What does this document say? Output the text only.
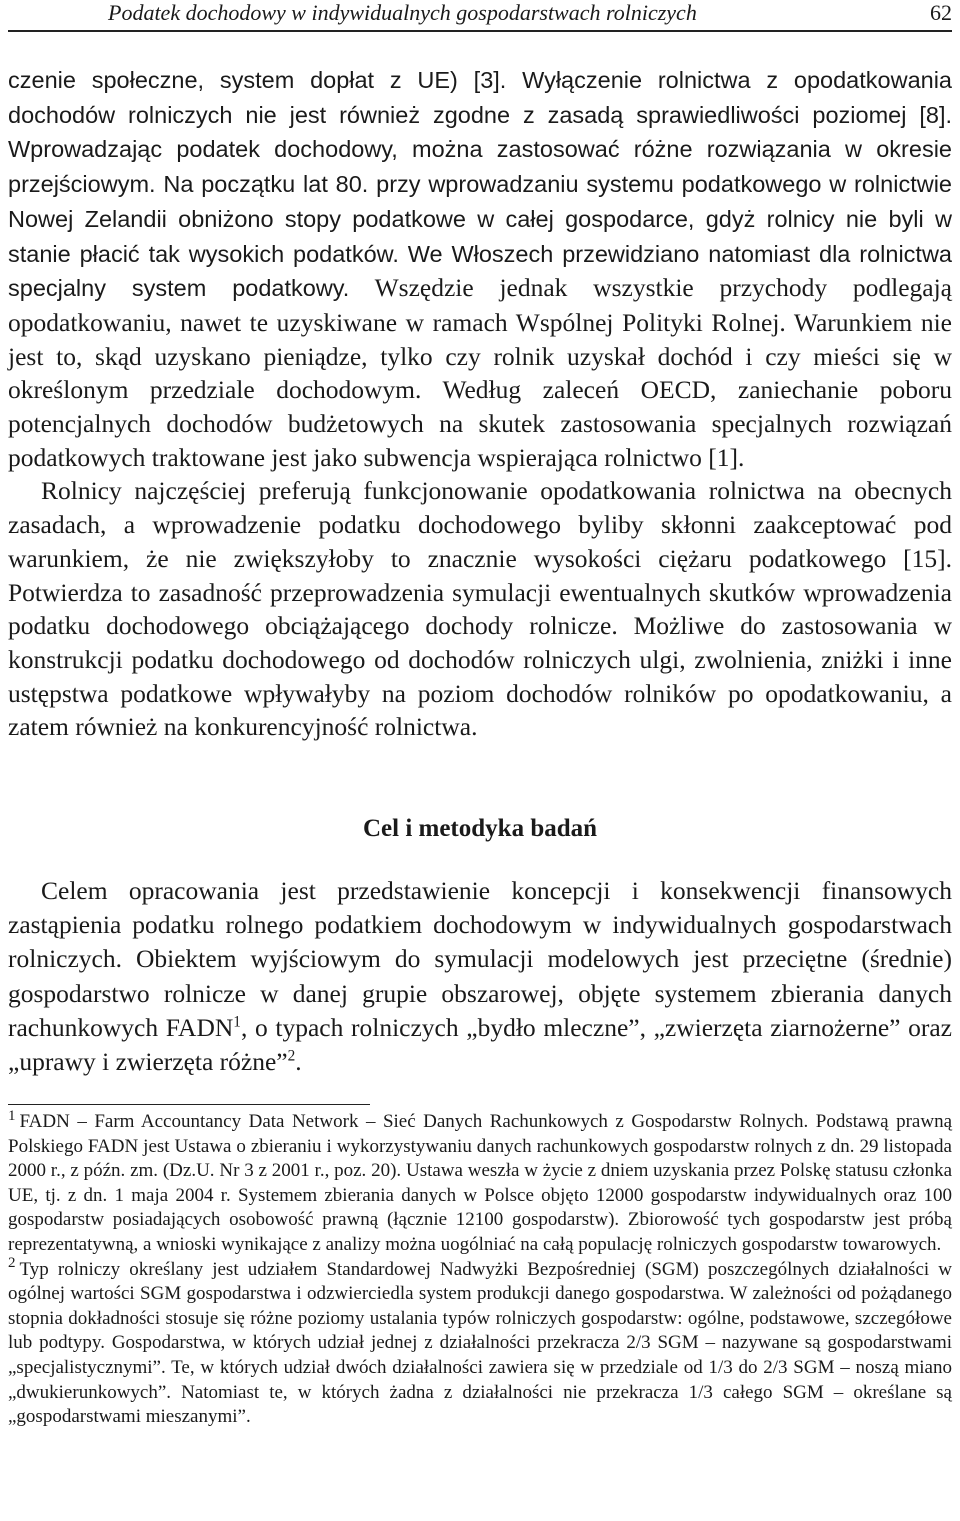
Podatek dochodowy w indywidualnych gospodarstwach rolniczych	62

czenie społeczne, system dopłat z UE) [3]. Wyłączenie rolnictwa z opodatkowania dochodów rolniczych nie jest również zgodne z zasadą sprawiedliwości poziomej [8]. Wprowadzając podatek dochodowy, można zastosować różne rozwiązania w okresie przejściowym. Na początku lat 80. przy wprowadzaniu systemu podatkowego w rolnictwie Nowej Zelandii obniżono stopy podatkowe w całej gospodarce, gdyż rolnicy nie byli w stanie płacić tak wysokich podatków. We Włoszech przewidziano natomiast dla rolnictwa specjalny system podatkowy. Wszędzie jednak wszystkie przychody podlegają opodatkowaniu, nawet te uzyskiwane w ramach Wspólnej Polityki Rolnej. Warunkiem nie jest to, skąd uzyskano pieniądze, tylko czy rolnik uzyskał dochód i czy mieści się w określonym przedziale dochodowym. Według zaleceń OECD, zaniechanie poboru potencjalnych dochodów budżetowych na skutek zastosowania specjalnych rozwiązań podatkowych traktowane jest jako subwencja wspierająca rolnictwo [1].

Rolnicy najczęściej preferują funkcjonowanie opodatkowania rolnictwa na obecnych zasadach, a wprowadzenie podatku dochodowego byliby skłonni zaakceptować pod warunkiem, że nie zwiększyłoby to znacznie wysokości ciężaru podatkowego [15]. Potwierdza to zasadność przeprowadzenia symulacji ewentualnych skutków wprowadzenia podatku dochodowego obciążającego dochody rolnicze. Możliwe do zastosowania w konstrukcji podatku dochodowego od dochodów rolniczych ulgi, zwolnienia, zniżki i inne ustępstwa podatkowe wpływałyby na poziom dochodów rolników po opodatkowaniu, a zatem również na konkurencyjność rolnictwa.

Cel i metodyka badań

Celem opracowania jest przedstawienie koncepcji i konsekwencji finansowych zastąpienia podatku rolnego podatkiem dochodowym w indywidualnych gospodarstwach rolniczych. Obiektem wyjściowym do symulacji modelowych jest przeciętne (średnie) gospodarstwo rolnicze w danej grupie obszarowej, objęte systemem zbierania danych rachunkowych FADN$^1$, o typach rolniczych „bydło mleczne”, „zwierzęta ziarnożerne” oraz „uprawy i zwierzęta różne”$^2$.

$^1$ FADN – Farm Accountancy Data Network – Sieć Danych Rachunkowych z Gospodarstw Rolnych. Podstawą prawną Polskiego FADN jest Ustawa o zbieraniu i wykorzystywaniu danych rachunkowych gospodarstw rolnych z dn. 29 listopada 2000 r., z późn. zm. (Dz.U. Nr 3 z 2001 r., poz. 20). Ustawa weszła w życie z dniem uzyskania przez Polskę statusu członka UE, tj. z dn. 1 maja 2004 r. Systemem zbierania danych w Polsce objęto 12000 gospodarstw indywidualnych oraz 100 gospodarstw posiadających osobowość prawną (łącznie 12100 gospodarstw). Zbiorowość tych gospodarstw jest próbą reprezentatywną, a wnioski wynikające z analizy można uogólniać na całą populację rolniczych gospodarstw towarowych.

$^2$ Typ rolniczy określany jest udziałem Standardowej Nadwyżki Bezpośredniej (SGM) poszczególnych działalności w ogólnej wartości SGM gospodarstwa i odzwierciedla system produkcji danego gospodarstwa. W zależności od pożądanego stopnia dokładności stosuje się różne poziomy ustalania typów rolniczych gospodarstw: ogólne, podstawowe, szczegółowe lub podtypy. Gospodarstwa, w których udział jednej z działalności przekracza 2/3 SGM – nazywane są gospodarstwami „specjalistycznymi”. Te, w których udział dwóch działalności zawiera się w przedziale od 1/3 do 2/3 SGM – noszą miano „dwukierunkowych”. Natomiast te, w których żadna z działalności nie przekracza 1/3 całego SGM – określane są „gospodarstwami mieszanymi”.
